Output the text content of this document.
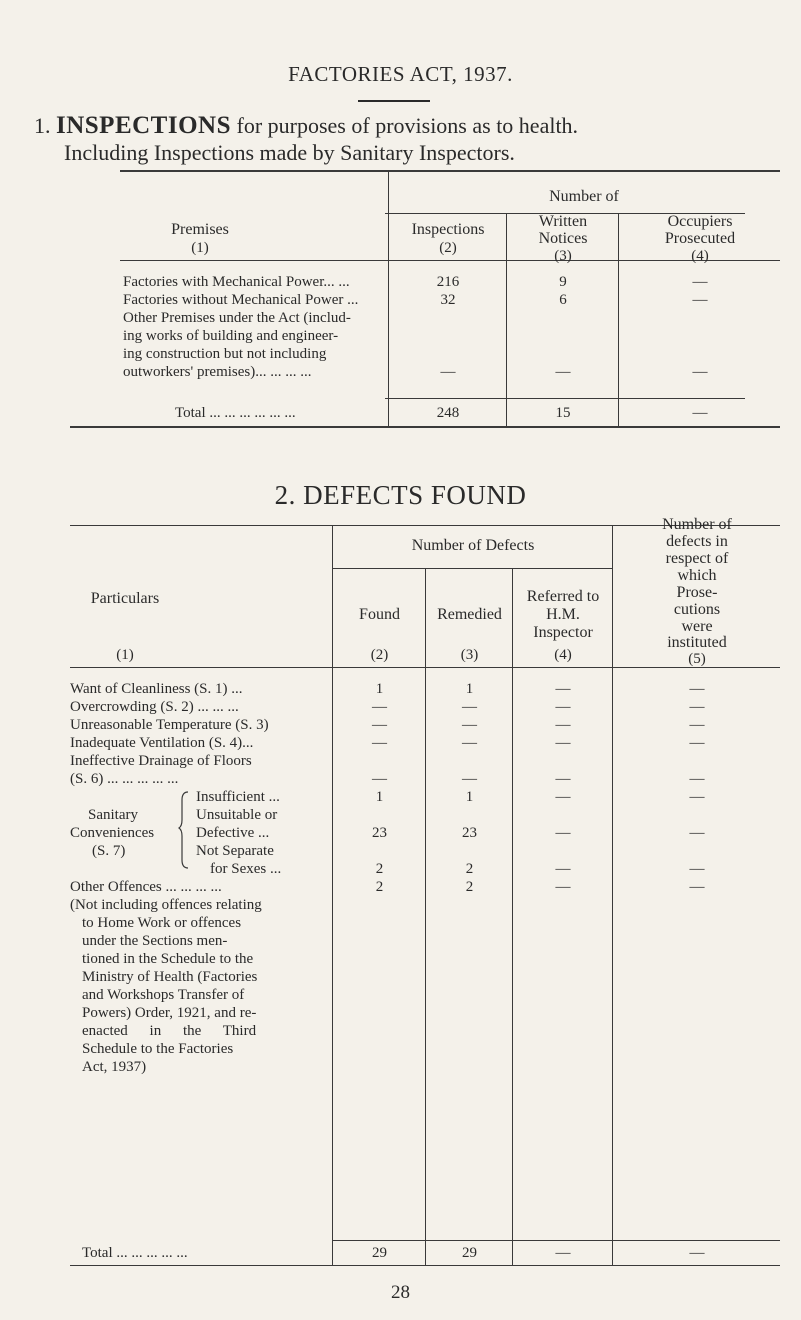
FACTORIES ACT, 1937.
1. INSPECTIONS for purposes of provisions as to health.
Including Inspections made by Sanitary Inspectors.
Number of
Premises
(1)
Inspections
(2)
Written
Notices
(3)
Occupiers
Prosecuted
(4)
Factories with Mechanical Power... ...	216	9	—
Factories without Mechanical Power ...	32	6	—
Other Premises under the Act (includ-
ing works of building and engineer-
ing construction but not including
outworkers' premises)... ... ... ...	—	—	—
Total ... ... ... ... ... ...	248	15	—
2. DEFECTS FOUND
Particulars
(1)
Number of Defects
Found
(2)
Remedied
(3)
Referred to
H.M.
Inspector
(4)
Number of
defects in
respect of
which
Prose-
cutions
were
instituted
(5)
Want of Cleanliness (S. 1) ...	1	1	—	—
Overcrowding (S. 2) ... ... ...	—	—	—	—
Unreasonable Temperature (S. 3)	—	—	—	—
Inadequate Ventilation (S. 4)...	—	—	—	—
Ineffective Drainage of Floors
(S. 6) ... ... ... ... ...	—	—	—	—
Sanitary
Conveniences
(S. 7)
Insufficient ...	1	1	—	—
Unsuitable or
Defective ...	23	23	—	—
Not Separate
for Sexes ...	2	2	—	—
Other Offences ... ... ... ...	2	2	—	—
(Not including offences relating
to Home Work or offences
under the Sections men-
tioned in the Schedule to the
Ministry of Health (Factories
and Workshops Transfer of
Powers) Order, 1921, and re-
enacted in the Third
Schedule to the Factories
Act, 1937)
Total ... ... ... ... ...	29	29	—	—
28
